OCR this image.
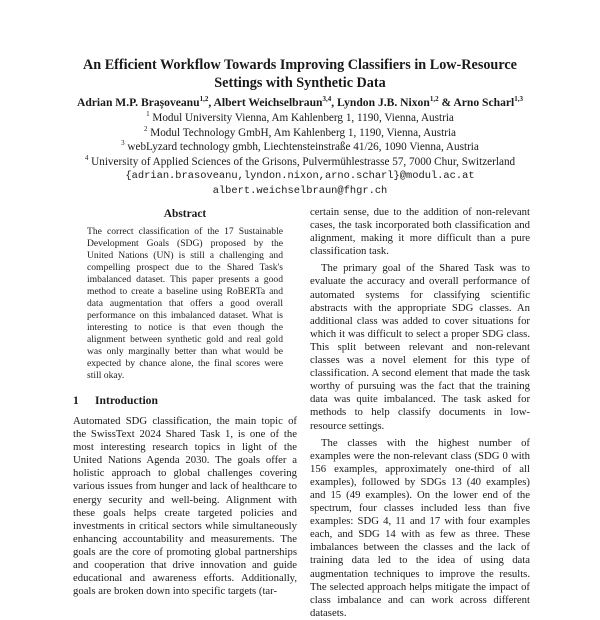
An Efficient Workflow Towards Improving Classifiers in Low-Resource Settings with Synthetic Data
Adrian M.P. Brașoveanu$^{1,2}$, Albert Weichselbraun$^{3,4}$, Lyndon J.B. Nixon$^{1,2}$ & Arno Scharl$^{1,3}$
$^1$ Modul University Vienna, Am Kahlenberg 1, 1190, Vienna, Austria
$^2$ Modul Technology GmbH, Am Kahlenberg 1, 1190, Vienna, Austria
$^3$ webLyzard technology gmbh, Liechtensteinstraße 41/26, 1090 Vienna, Austria
$^4$ University of Applied Sciences of the Grisons, Pulvermühlestrasse 57, 7000 Chur, Switzerland
{adrian.brasoveanu,lyndon.nixon,arno.scharl}@modul.ac.at
albert.weichselbraun@fhgr.ch
Abstract

The correct classification of the 17 Sustainable Development Goals (SDG) proposed by the United Nations (UN) is still a challenging and compelling prospect due to the Shared Task's imbalanced dataset. This paper presents a good method to create a baseline using RoBERTa and data augmentation that offers a good overall performance on this imbalanced dataset. What is interesting to notice is that even though the alignment between synthetic gold and real gold was only marginally better than what would be expected by chance alone, the final scores were still okay.

1 Introduction

Automated SDG classification, the main topic of the SwissText 2024 Shared Task 1, is one of the most interesting research topics in light of the United Nations Agenda 2030. The goals offer a holistic approach to global challenges covering various issues from hunger and lack of healthcare to energy security and well-being. Alignment with these goals helps create targeted policies and investments in critical sectors while simultaneously enhancing accountability and measurements. The goals are the core of promoting global partnerships and cooperation that drive innovation and guide educational and awareness efforts. Additionally, goals are broken down into specific targets (tar-

certain sense, due to the addition of non-relevant cases, the task incorporated both classification and alignment, making it more difficult than a pure classification task.

The primary goal of the Shared Task was to evaluate the accuracy and overall performance of automated systems for classifying scientific abstracts with the appropriate SDG classes. An additional class was added to cover situations for which it was difficult to select a proper SDG class. This split between relevant and non-relevant classes was a novel element for this type of classification. A second element that made the task worthy of pursuing was the fact that the training data was quite imbalanced. The task asked for methods to help classify documents in low-resource settings.

The classes with the highest number of examples were the non-relevant class (SDG 0 with 156 examples, approximately one-third of all examples), followed by SDGs 13 (40 examples) and 15 (49 examples). On the lower end of the spectrum, four classes included less than five examples: SDG 4, 11 and 17 with four examples each, and SDG 14 with as few as three. These imbalances between the classes and the lack of training data led to the idea of using data augmentation techniques to improve the results. The selected approach helps mitigate the impact of class imbalance and can work across different datasets.
